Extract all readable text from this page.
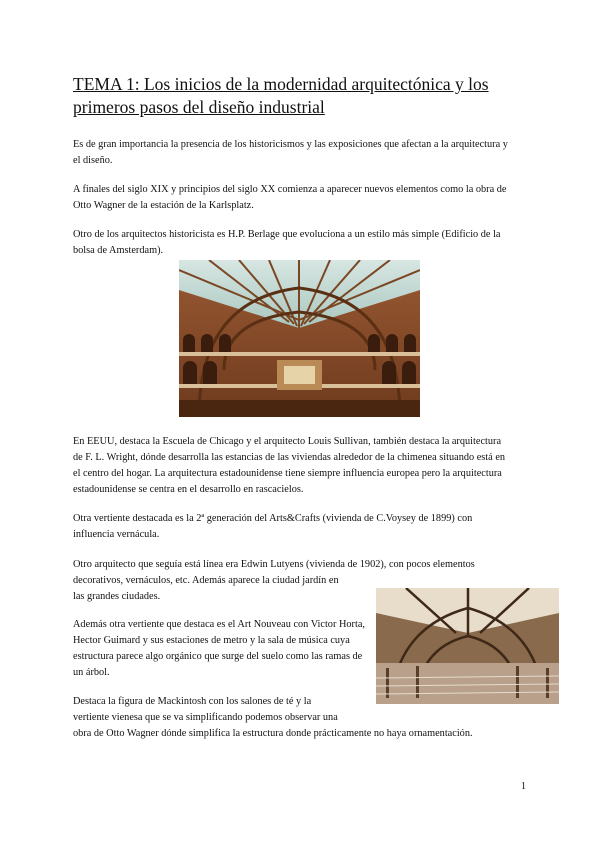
TEMA 1: Los inicios de la modernidad arquitectónica y los primeros pasos del diseño industrial

Es de gran importancia la presencia de los historicismos y las exposiciones que afectan a la arquitectura y el diseño.

A finales del siglo XIX y principios del siglo XX comienza a aparecer nuevos elementos como la obra de Otto Wagner de la estación de la Karlsplatz.

Otro de los arquitectos historicista es H.P. Berlage que evoluciona a un estilo más simple (Edificio de la bolsa de Amsterdam).

En EEUU, destaca la Escuela de Chicago y el arquitecto Louis Sullivan, también destaca la arquitectura de F. L. Wright, dónde desarrolla las estancias de las viviendas alrededor de la chimenea situando está en el centro del hogar. La arquitectura estadounidense tiene siempre influencia europea pero la arquitectura estadounidense se centra en el desarrollo en rascacielos.

Otra vertiente destacada es la 2ª generación del Arts&Crafts (vivienda de C.Voysey de 1899) con influencia vernácula.

Otro arquitecto que seguía está línea era Edwin Lutyens (vivienda de 1902), con pocos elementos

decorativos, vernáculos, etc. Además aparece la ciudad jardín en

las grandes ciudades.

Además otra vertiente que destaca es el Art Nouveau con Victor Horta, Hector Guimard y sus estaciones de metro y la sala de música cuya estructura parece algo orgánico que surge del suelo como las ramas de un árbol.

Destaca la figura de Mackintosh con los salones de té y la

vertiente vienesa que se va simplificando podemos observar una

obra de Otto Wagner dónde simplifica la estructura donde prácticamente no haya ornamentación.

1
